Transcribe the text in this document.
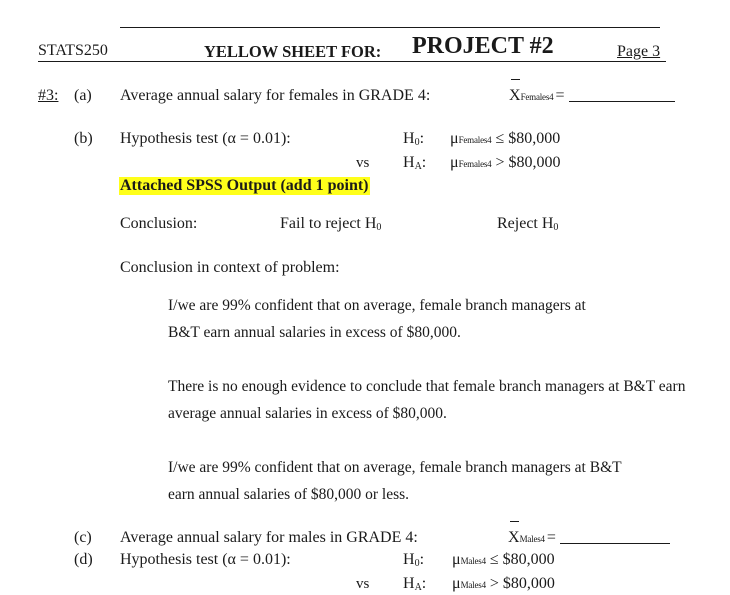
STATS250	YELLOW SHEET FOR: PROJECT #2	Page 3
#3: (a) Average annual salary for females in GRADE 4:	X
Females4 =
(b) Hypothesis test (α = 0.01):	H0: μFemales4 ≤ $80,000
vs HA: μFemales4 > $80,000
Attached SPSS Output (add 1 point)
Conclusion:	Fail to reject H0	Reject H0
Conclusion in context of problem:
I/we are 99% confident that on average, female branch managers at B&T earn annual salaries in excess of $80,000.
There is no enough evidence to conclude that female branch managers at B&T earn average annual salaries in excess of $80,000.
I/we are 99% confident that on average, female branch managers at B&T earn annual salaries of $80,000 or less.
(c) Average annual salary for males in GRADE 4:	X
Males4 =
(d) Hypothesis test (α = 0.01):	H0: μMales4 ≤ $80,000
vs HA: μMales4 > $80,000
